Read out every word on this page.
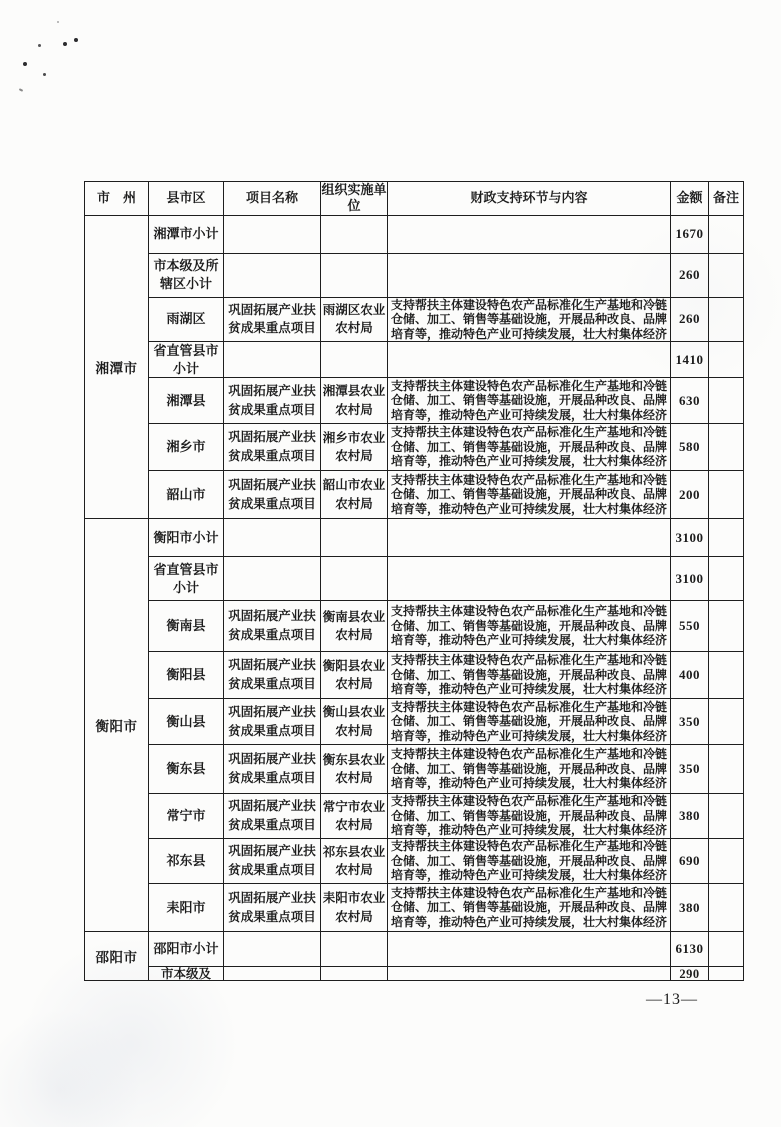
市　州	县市区	项目名称	组织实施单位	财政支持环节与内容	金额	备注
湘潭市	湘潭市小计				1670	
	市本级及所辖区小计				260	
	雨湖区	巩固拓展产业扶贫成果重点项目	雨湖区农业农村局	支持帮扶主体建设特色农产品标准化生产基地和冷链仓储、加工、销售等基础设施，开展品种改良、品牌培育等，推动特色产业可持续发展，壮大村集体经济	260	
	省直管县市小计				1410	
	湘潭县	巩固拓展产业扶贫成果重点项目	湘潭县农业农村局	支持帮扶主体建设特色农产品标准化生产基地和冷链仓储、加工、销售等基础设施，开展品种改良、品牌培育等，推动特色产业可持续发展，壮大村集体经济	630	
	湘乡市	巩固拓展产业扶贫成果重点项目	湘乡市农业农村局	支持帮扶主体建设特色农产品标准化生产基地和冷链仓储、加工、销售等基础设施，开展品种改良、品牌培育等，推动特色产业可持续发展，壮大村集体经济	580	
	韶山市	巩固拓展产业扶贫成果重点项目	韶山市农业农村局	支持帮扶主体建设特色农产品标准化生产基地和冷链仓储、加工、销售等基础设施，开展品种改良、品牌培育等，推动特色产业可持续发展，壮大村集体经济	200	
衡阳市	衡阳市小计				3100	
	省直管县市小计				3100	
	衡南县	巩固拓展产业扶贫成果重点项目	衡南县农业农村局	支持帮扶主体建设特色农产品标准化生产基地和冷链仓储、加工、销售等基础设施，开展品种改良、品牌培育等，推动特色产业可持续发展，壮大村集体经济	550	
	衡阳县	巩固拓展产业扶贫成果重点项目	衡阳县农业农村局	支持帮扶主体建设特色农产品标准化生产基地和冷链仓储、加工、销售等基础设施，开展品种改良、品牌培育等，推动特色产业可持续发展，壮大村集体经济	400	
	衡山县	巩固拓展产业扶贫成果重点项目	衡山县农业农村局	支持帮扶主体建设特色农产品标准化生产基地和冷链仓储、加工、销售等基础设施，开展品种改良、品牌培育等，推动特色产业可持续发展，壮大村集体经济	350	
	衡东县	巩固拓展产业扶贫成果重点项目	衡东县农业农村局	支持帮扶主体建设特色农产品标准化生产基地和冷链仓储、加工、销售等基础设施，开展品种改良、品牌培育等，推动特色产业可持续发展，壮大村集体经济	350	
	常宁市	巩固拓展产业扶贫成果重点项目	常宁市农业农村局	支持帮扶主体建设特色农产品标准化生产基地和冷链仓储、加工、销售等基础设施，开展品种改良、品牌培育等，推动特色产业可持续发展，壮大村集体经济	380	
	祁东县	巩固拓展产业扶贫成果重点项目	祁东县农业农村局	支持帮扶主体建设特色农产品标准化生产基地和冷链仓储、加工、销售等基础设施，开展品种改良、品牌培育等，推动特色产业可持续发展，壮大村集体经济	690	
	耒阳市	巩固拓展产业扶贫成果重点项目	耒阳市农业农村局	支持帮扶主体建设特色农产品标准化生产基地和冷链仓储、加工、销售等基础设施，开展品种改良、品牌培育等，推动特色产业可持续发展，壮大村集体经济	380	
邵阳市	邵阳市小计				6130	
	市本级及				290	
—13—
